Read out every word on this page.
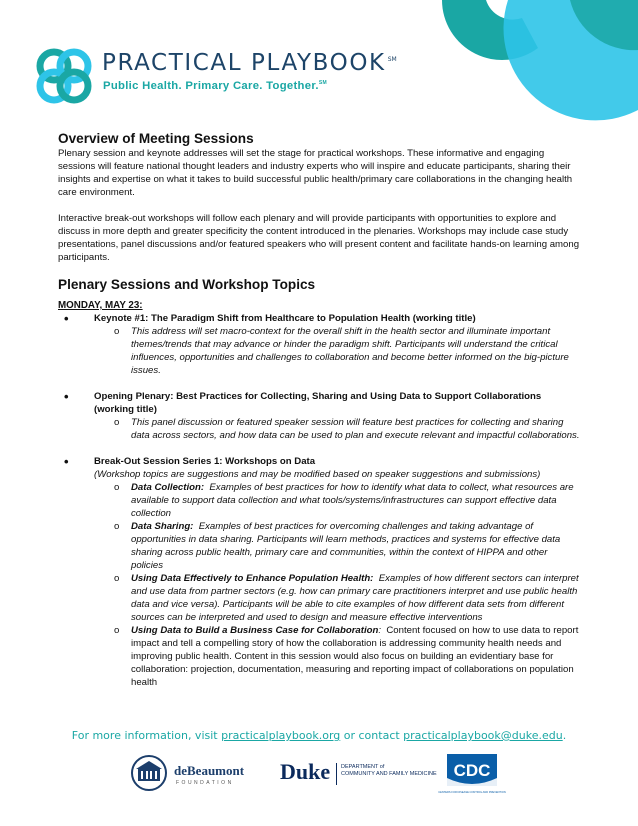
PRACTICAL PLAYBOOK ℠
Public Health. Primary Care. Together.℠
Overview of Meeting Sessions

Plenary session and keynote addresses will set the stage for practical workshops. These informative and engaging sessions will feature national thought leaders and industry experts who will inspire and educate participants, sharing their insights and expertise on what it takes to build successful public health/primary care collaborations in the changing health care environment.

Interactive break-out workshops will follow each plenary and will provide participants with opportunities to explore and discuss in more depth and greater specificity the content introduced in the plenaries. Workshops may include case study presentations, panel discussions and/or featured speakers who will present content and facilitate hands-on learning among participants.

Plenary Sessions and Workshop Topics
MONDAY, MAY 23:
•	Keynote #1: The Paradigm Shift from Healthcare to Population Health (working title)
o This address will set macro-context for the overall shift in the health sector and illuminate important themes/trends that may advance or hinder the paradigm shift. Participants will understand the critical influences, opportunities and challenges to collaboration and become better informed on the big-picture issues.
•	Opening Plenary: Best Practices for Collecting, Sharing and Using Data to Support Collaborations (working title)
o This panel discussion or featured speaker session will feature best practices for collecting and sharing data across sectors, and how data can be used to plan and execute relevant and impactful collaborations.
•	Break-Out Session Series 1: Workshops on Data
(Workshop topics are suggestions and may be modified based on speaker suggestions and submissions)
o Data Collection: Examples of best practices for how to identify what data to collect, what resources are available to support data collection and what tools/systems/infrastructures can support effective data collection
o Data Sharing: Examples of best practices for overcoming challenges and taking advantage of opportunities in data sharing. Participants will learn methods, practices and systems for effective data sharing across public health, primary care and communities, within the context of HIPPA and other policies
o Using Data Effectively to Enhance Population Health: Examples of how different sectors can interpret and use data from partner sectors (e.g. how can primary care practitioners interpret and use public health data and vice versa). Participants will be able to cite examples of how different data sets from different sources can be interpreted and used to design and measure effective interventions
o Using Data to Build a Business Case for Collaboration: Content focused on how to use data to report impact and tell a compelling story of how the collaboration is addressing community health needs and improving public health. Content in this session would also focus on building an evidentiary base for collaboration: projection, documentation, measuring and reporting impact of collaborations on population health
For more information, visit practicalplaybook.org or contact practicalplaybook@duke.edu.
deBeaumont
FOUNDATION Duke DEPARTMENT of
COMMUNITY AND FAMILY MEDICINE CDC
CENTERS FOR DISEASE CONTROL AND PREVENTION
